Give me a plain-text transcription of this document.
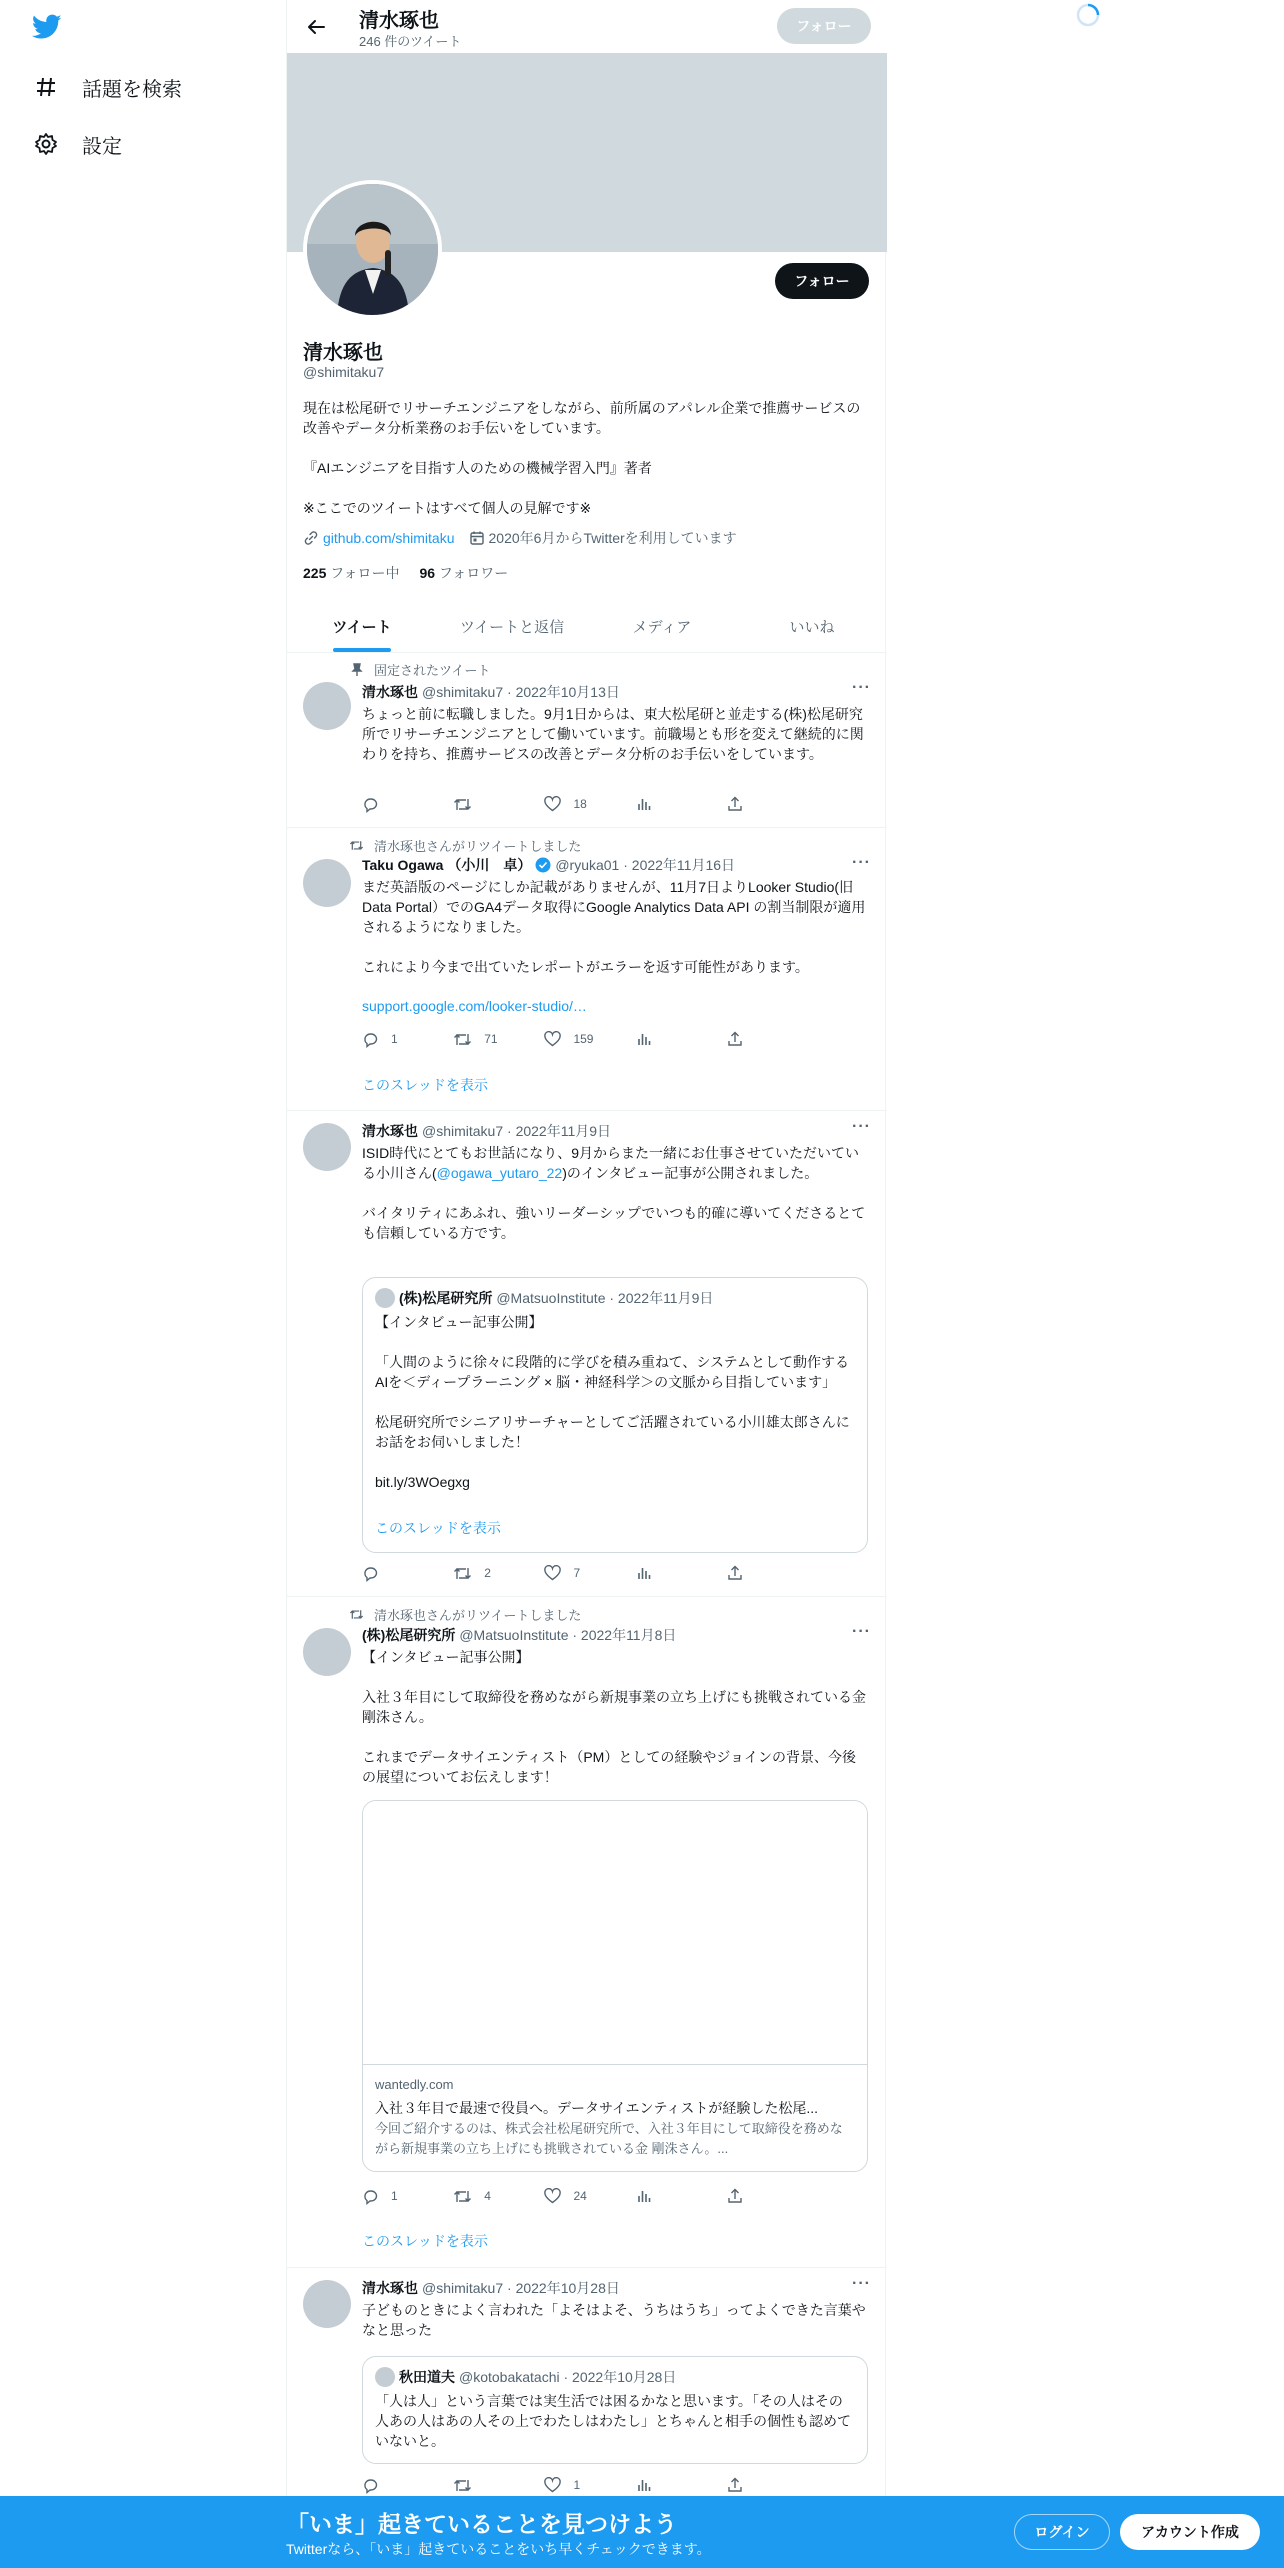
話題を検索
設定
清水琢也
246 件のツイート
フォロー
フォロー
清水琢也
@shimitaku7

現在は松尾研でリサーチエンジニアをしながら、前所属のアパレル企業で推薦サービスの改善やデータ分析業務のお手伝いをしています。

『AIエンジニアを目指す人のための機械学習入門』著者

※ここでのツイートはすべて個人の見解です※

github.com/shimitaku 2020年6月からTwitterを利用しています
225 フォロー中 96 フォロワー
ツイート	ツイートと返信	メディア	いいね
固定されたツイート
清水琢也 @shimitaku7 · 2022年10月13日	···
ちょっと前に転職しました。9月1日からは、東大松尾研と並走する(株)松尾研究所でリサーチエンジニアとして働いています。前職場とも形を変えて継続的に関わりを持ち、推薦サービスの改善とデータ分析のお手伝いをしています。
18
清水琢也さんがリツイートしました
Taku Ogawa （小川　卓） @ryuka01 · 2022年11月16日	···
まだ英語版のページにしか記載がありませんが、11月7日よりLooker Studio(旧Data Portal）でのGA4データ取得にGoogle Analytics Data API の割当制限が適用されるようになりました。

これにより今まで出ていたレポートがエラーを返す可能性があります。
support.google.com/looker-studio/…
1	71	159
このスレッドを表示
清水琢也 @shimitaku7 · 2022年11月9日	···
ISID時代にとてもお世話になり、9月からまた一緒にお仕事させていただいている小川さん(@ogawa_yutaro_22)のインタビュー記事が公開されました。

バイタリティにあふれ、強いリーダーシップでいつも的確に導いてくださるとても信頼している方です。
(株)松尾研究所 @MatsuoInstitute · 2022年11月9日
【インタビュー記事公開】

「人間のように徐々に段階的に学びを積み重ねて、システムとして動作するAIを＜ディープラーニング × 脳・神経科学＞の文脈から目指しています」

松尾研究所でシニアリサーチャーとしてご活躍されている小川雄太郎さんにお話をお伺いしました！

bit.ly/3WOegxg
このスレッドを表示
2	7
清水琢也さんがリツイートしました
(株)松尾研究所 @MatsuoInstitute · 2022年11月8日	···
【インタビュー記事公開】

入社３年目にして取締役を務めながら新規事業の立ち上げにも挑戦されている金 剛洙さん。

これまでデータサイエンティスト（PM）としての経験やジョインの背景、今後の展望についてお伝えします！
wantedly.com
入社３年目で最速で役員へ。データサイエンティストが経験した松尾...
今回ご紹介するのは、株式会社松尾研究所で、入社３年目にして取締役を務めながら新規事業の立ち上げにも挑戦されている金 剛洙さん。...
1	4	24
このスレッドを表示
清水琢也 @shimitaku7 · 2022年10月28日	···
子どものときによく言われた「よそはよそ、うちはうち」ってよくできた言葉やなと思った
秋田道夫 @kotobakatachi · 2022年10月28日
「人は人」という言葉では実生活では困るかなと思います。「その人はその人あの人はあの人その上でわたしはわたし」とちゃんと相手の個性も認めていないと。
1
「いま」起きていることを見つけよう
Twitterなら、「いま」起きていることをいち早くチェックできます。
ログイン	アカウント作成
